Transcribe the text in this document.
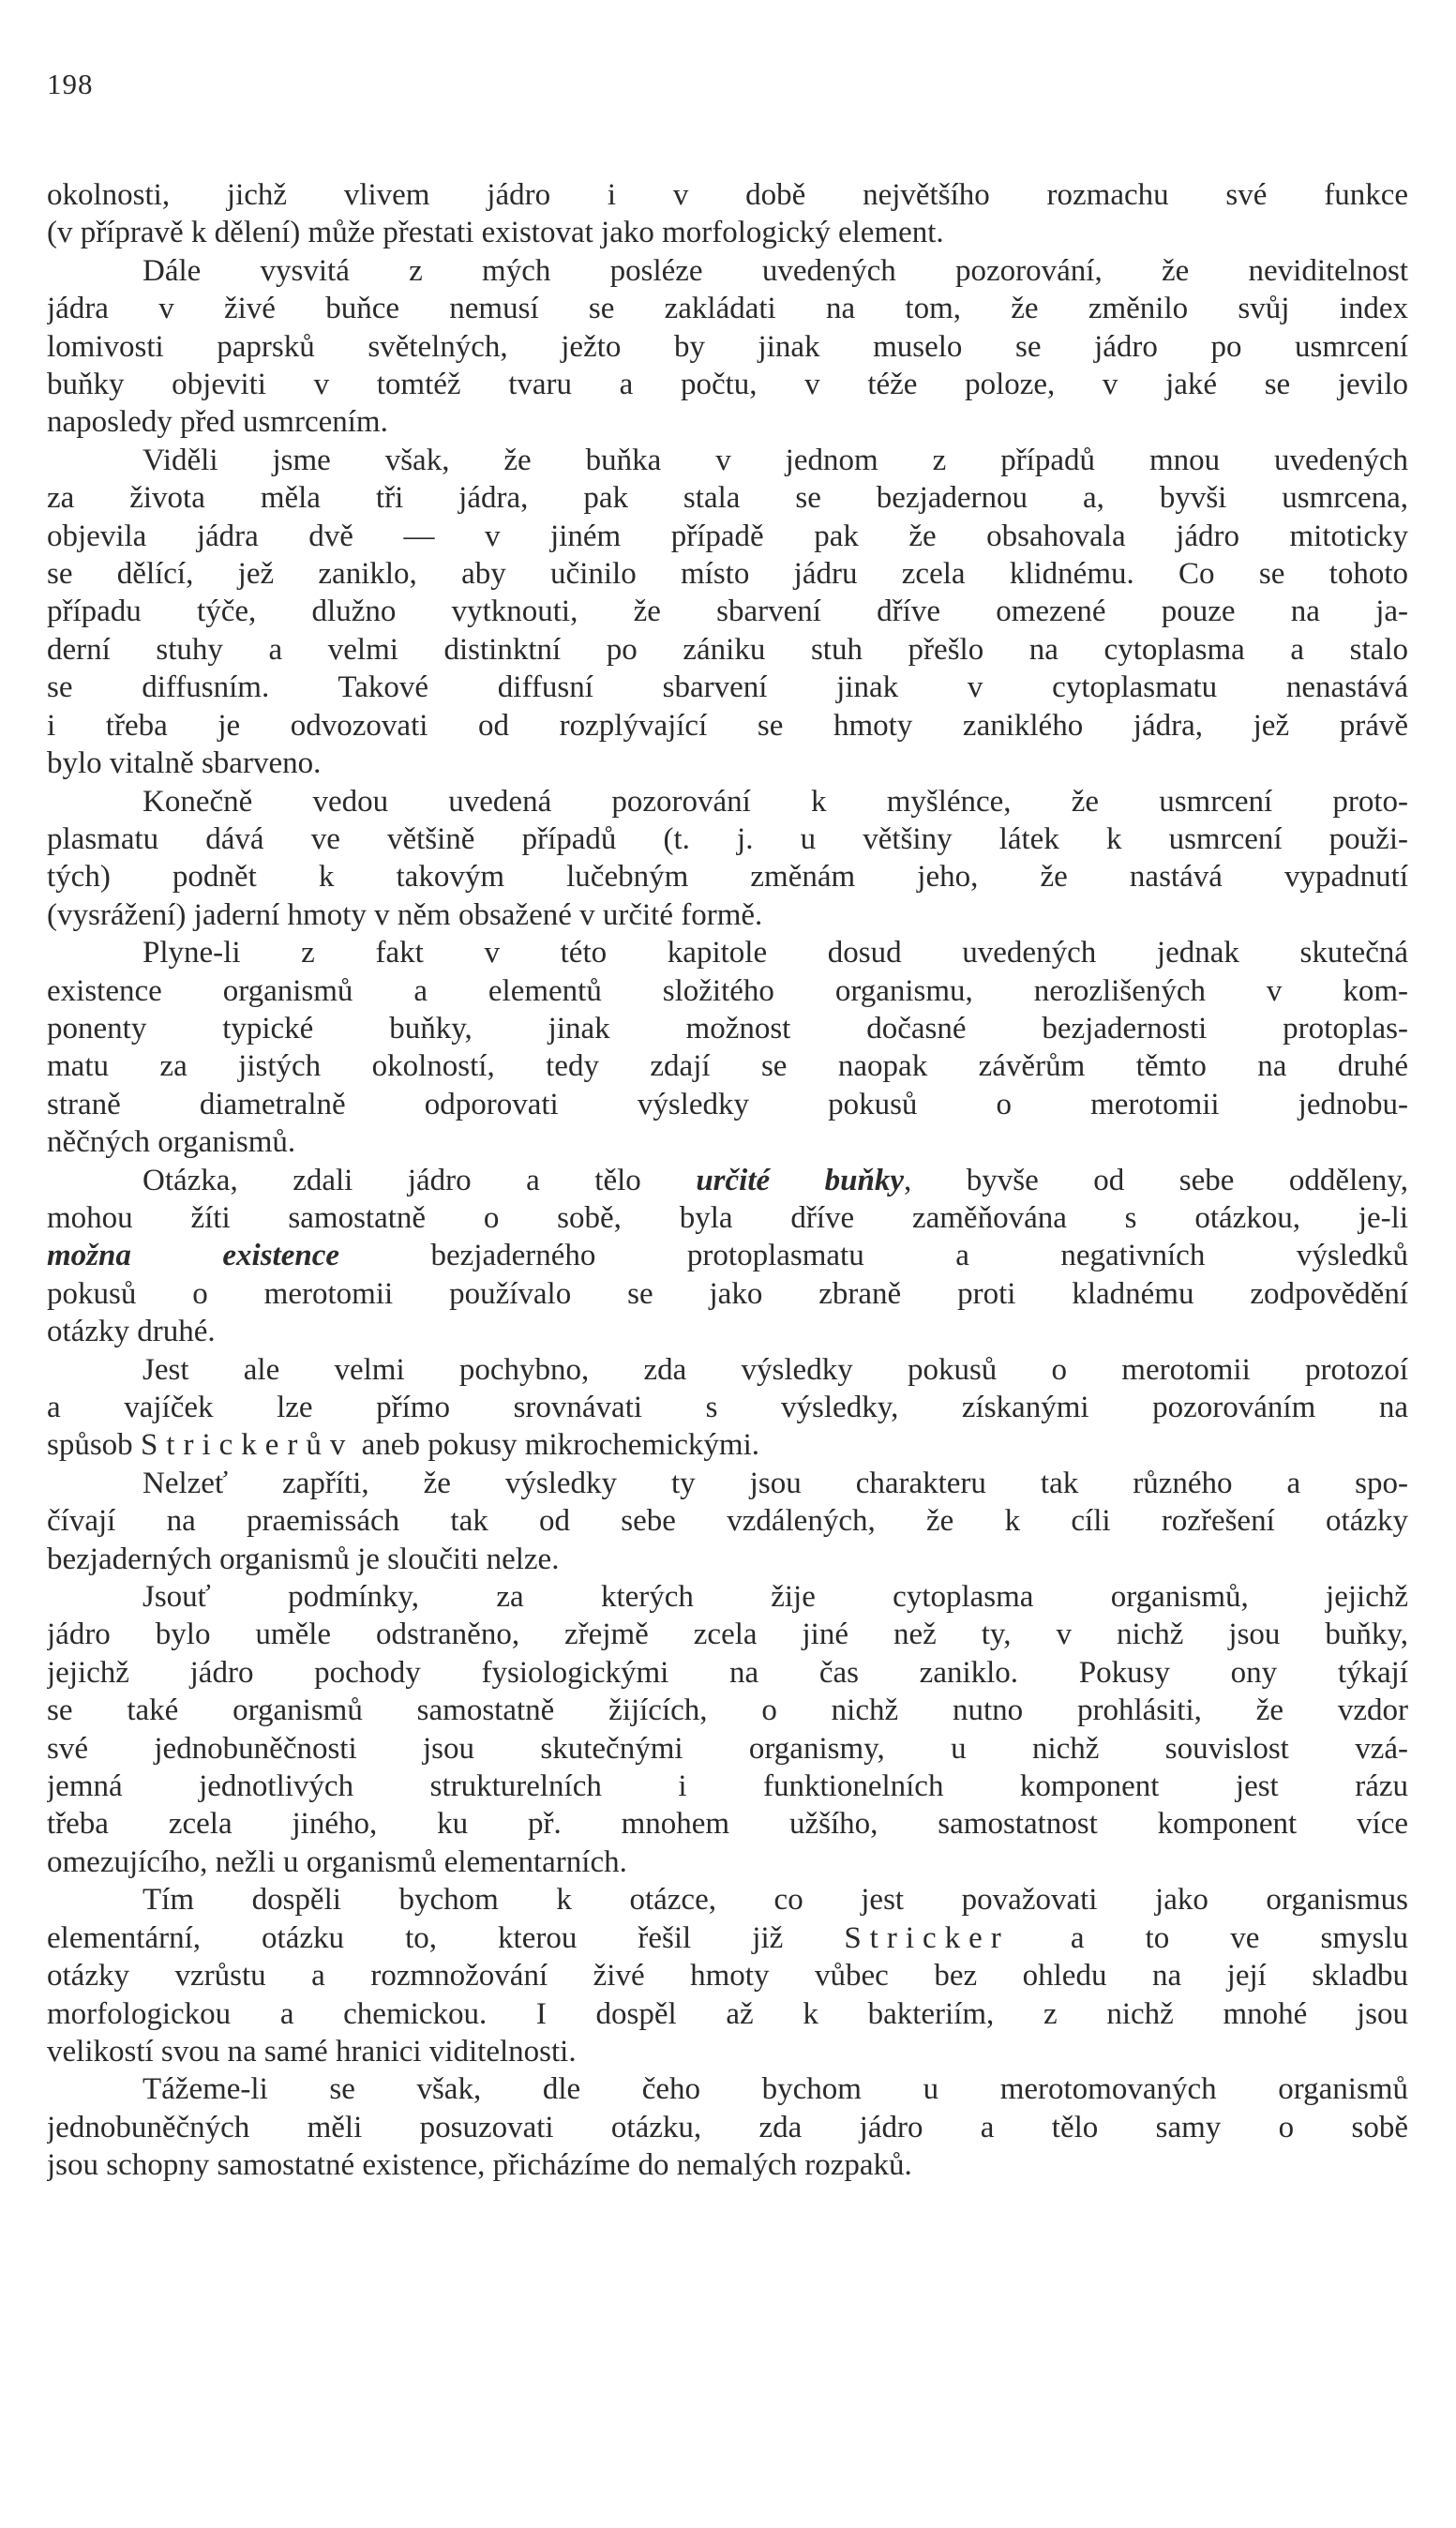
198
okolnosti, jichž vlivem jádro i v době největšího rozmachu své funkce
(v přípravě k dělení) může přestati existovat jako morfologický element.
Dále vysvitá z mých posléze uvedených pozorování, že neviditelnost
jádra v živé buňce nemusí se zakládati na tom, že změnilo svůj index
lomivosti paprsků světelných, ježto by jinak muselo se jádro po usmrcení
buňky objeviti v tomtéž tvaru a počtu, v téže poloze, v jaké se jevilo
naposledy před usmrcením.
Viděli jsme však, že buňka v jednom z případů mnou uvedených
za života měla tři jádra, pak stala se bezjadernou a, byvši usmrcena,
objevila jádra dvě — v jiném případě pak že obsahovala jádro mitoticky
se dělící, jež zaniklo, aby učinilo místo jádru zcela klidnému. Co se tohoto
případu týče, dlužno vytknouti, že sbarvení dříve omezené pouze na ja-
derní stuhy a velmi distinktní po zániku stuh přešlo na cytoplasma a stalo
se diffusním. Takové diffusní sbarvení jinak v cytoplasmatu nenastává
i třeba je odvozovati od rozplývající se hmoty zaniklého jádra, jež právě
bylo vitalně sbarveno.
Konečně vedou uvedená pozorování k myšlénce, že usmrcení proto-
plasmatu dává ve většině případů (t. j. u většiny látek k usmrcení použi-
tých) podnět k takovým lučebným změnám jeho, že nastává vypadnutí
(vysrážení) jaderní hmoty v něm obsažené v určité formě.
Plyne-li z fakt v této kapitole dosud uvedených jednak skutečná
existence organismů a elementů složitého organismu, nerozlišených v kom-
ponenty typické buňky, jinak možnost dočasné bezjadernosti protoplas-
matu za jistých okolností, tedy zdají se naopak závěrům těmto na druhé
straně diametralně odporovati výsledky pokusů o merotomii jednobu-
něčných organismů.
Otázka, zdali jádro a tělo určité buňky, byvše od sebe odděleny,
mohou žíti samostatně o sobě, byla dříve zaměňována s otázkou, je-li
možna existence bezjaderného protoplasmatu a negativních výsledků
pokusů o merotomii používalo se jako zbraně proti kladnému zodpovědění
otázky druhé.
Jest ale velmi pochybno, zda výsledky pokusů o merotomii protozoí
a vajíček lze přímo srovnávati s výsledky, získanými pozorováním na
spůsob Strickerův aneb pokusy mikrochemickými.
Nelzeť zapříti, že výsledky ty jsou charakteru tak různého a spo-
čívají na praemissách tak od sebe vzdálených, že k cíli rozřešení otázky
bezjaderných organismů je sloučiti nelze.
Jsouť podmínky, za kterých žije cytoplasma organismů, jejichž
jádro bylo uměle odstraněno, zřejmě zcela jiné než ty, v nichž jsou buňky,
jejichž jádro pochody fysiologickými na čas zaniklo. Pokusy ony týkají
se také organismů samostatně žijících, o nichž nutno prohlásiti, že vzdor
své jednobuněčnosti jsou skutečnými organismy, u nichž souvislost vzá-
jemná jednotlivých strukturelních i funktionelních komponent jest rázu
třeba zcela jiného, ku př. mnohem užšího, samostatnost komponent více
omezujícího, nežli u organismů elementarních.
Tím dospěli bychom k otázce, co jest považovati jako organismus
elementární, otázku to, kterou řešil již Stricker a to ve smyslu
otázky vzrůstu a rozmnožování živé hmoty vůbec bez ohledu na její skladbu
morfologickou a chemickou. I dospěl až k bakteriím, z nichž mnohé jsou
velikostí svou na samé hranici viditelnosti.
Tážeme-li se však, dle čeho bychom u merotomovaných organismů
jednobuněčných měli posuzovati otázku, zda jádro a tělo samy o sobě
jsou schopny samostatné existence, přicházíme do nemalých rozpaků.
